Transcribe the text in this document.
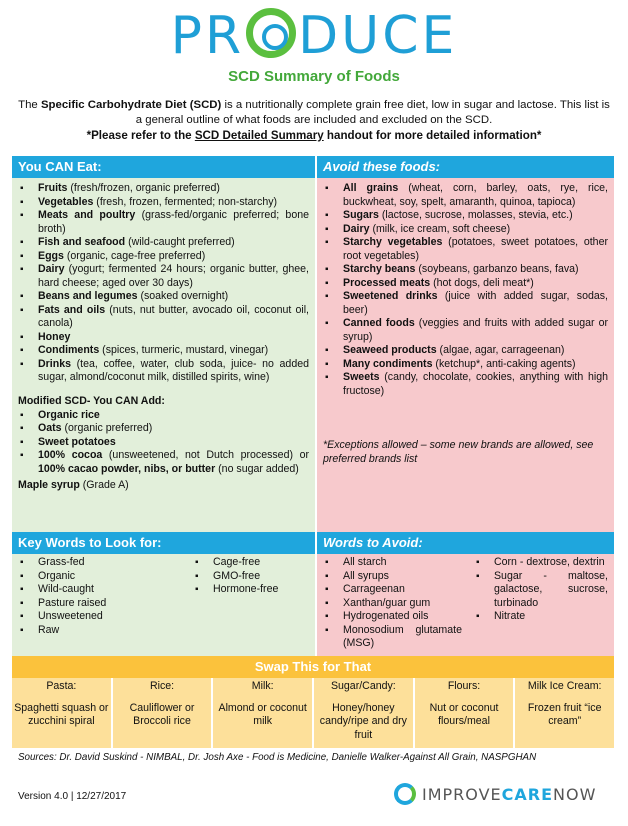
PR DUCE
SCD Summary of Foods
The Specific Carbohydrate Diet (SCD) is a nutritionally complete grain free diet, low in sugar and lactose. This list is a general outline of what foods are included and excluded on the SCD.
*Please refer to the SCD Detailed Summary handout for more detailed information*
You CAN Eat:	Avoid these foods:
▪ Fruits (fresh/frozen, organic preferred)
▪ Vegetables (fresh, frozen, fermented; non-starchy)
▪ Meats and poultry (grass-fed/organic preferred; bone broth)
▪ Fish and seafood (wild-caught preferred)
▪ Eggs (organic, cage-free preferred)
▪ Dairy (yogurt; fermented 24 hours; organic butter, ghee, hard cheese; aged over 30 days)
▪ Beans and legumes (soaked overnight)
▪ Fats and oils (nuts, nut butter, avocado oil, coconut oil, canola)
▪ Honey
▪ Condiments (spices, turmeric, mustard, vinegar)
▪ Drinks (tea, coffee, water, club soda, juice- no added sugar, almond/coconut milk, distilled spirits, wine)
Modified SCD- You CAN Add:
▪ Organic rice
▪ Oats (organic preferred)
▪ Sweet potatoes
▪ 100% cocoa (unsweetened, not Dutch processed) or 100% cacao powder, nibs, or butter (no sugar added)
Maple syrup (Grade A)
▪ All grains (wheat, corn, barley, oats, rye, rice, buckwheat, soy, spelt, amaranth, quinoa, tapioca)
▪ Sugars (lactose, sucrose, molasses, stevia, etc.)
▪ Dairy (milk, ice cream, soft cheese)
▪ Starchy vegetables (potatoes, sweet potatoes, other root vegetables)
▪ Starchy beans (soybeans, garbanzo beans, fava)
▪ Processed meats (hot dogs, deli meat*)
▪ Sweetened drinks (juice with added sugar, sodas, beer)
▪ Canned foods (veggies and fruits with added sugar or syrup)
▪ Seaweed products (algae, agar, carrageenan)
▪ Many condiments (ketchup*, anti-caking agents)
▪ Sweets (candy, chocolate, cookies, anything with high fructose)
*Exceptions allowed – some new brands are allowed, see preferred brands list
Key Words to Look for:	Words to Avoid:
▪ Grass-fed
▪ Organic
▪ Wild-caught
▪ Pasture raised
▪ Unsweetened
▪ Raw
▪ Cage-free
▪ GMO-free
▪ Hormone-free
▪ All starch
▪ All syrups
▪ Carrageenan
▪ Xanthan/guar gum
▪ Hydrogenated oils
▪ Monosodium glutamate (MSG)
▪ Corn - dextrose, dextrin
▪ Sugar - maltose, galactose, sucrose, turbinado
▪ Nitrate
Swap This for That
Pasta:
Spaghetti squash or zucchini spiral
Rice:
Cauliflower or Broccoli rice
Milk:
Almond or coconut milk
Sugar/Candy:
Honey/honey candy/ripe and dry fruit
Flours:
Nut or coconut flours/meal
Milk Ice Cream:
Frozen fruit “ice cream”
Sources: Dr. David Suskind - NIMBAL, Dr. Josh Axe - Food is Medicine, Danielle Walker-Against All Grain, NASPGHAN
Version 4.0 | 12/27/2017	IMPROVECARENOW
